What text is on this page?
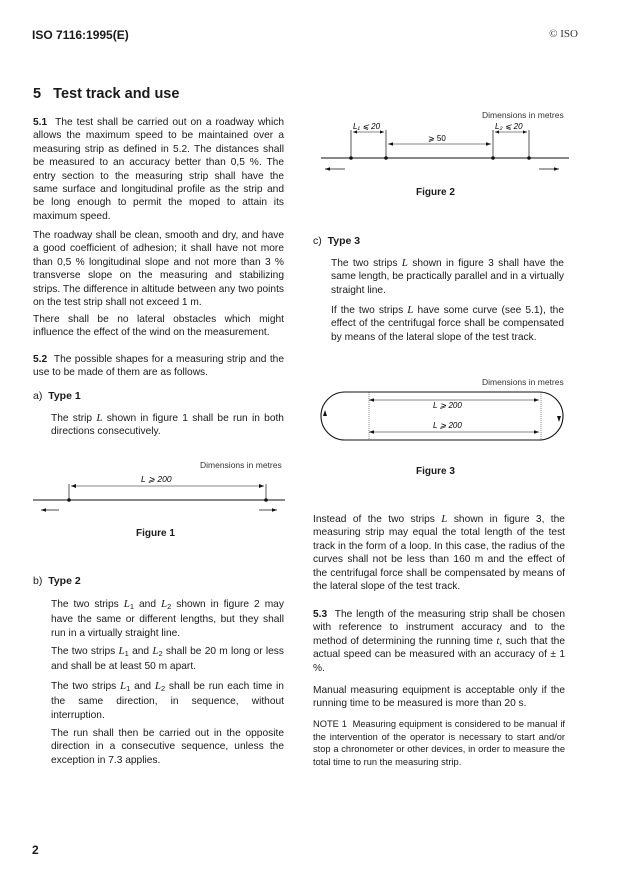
ISO 7116:1995(E)	© ISO
5 Test track and use

5.1 The test shall be carried out on a roadway which allows the maximum speed to be maintained over a measuring strip as defined in 5.2. The distances shall be measured to an accuracy better than 0,5 %. The entry section to the measuring strip shall have the same surface and longitudinal profile as the strip and be long enough to permit the moped to attain its maximum speed.

The roadway shall be clean, smooth and dry, and have a good coefficient of adhesion; it shall have not more than 0,5 % longitudinal slope and not more than 3 % transverse slope on the measuring and stabilizing strips. The difference in altitude between any two points on the test strip shall not exceed 1 m.

There shall be no lateral obstacles which might influence the effect of the wind on the measurement.

5.2 The possible shapes for a measuring strip and the use to be made of them are as follows.

a) Type 1

The strip L shown in figure 1 shall be run in both directions consecutively.

Dimensions in metres
L ⩾ 200
Figure 1
b) Type 2

The two strips $L_1$ and $L_2$ shown in figure 2 may have the same or different lengths, but they shall run in a virtually straight line.

The two strips $L_1$ and $L_2$ shall be 20 m long or less and shall be at least 50 m apart.

The two strips $L_1$ and $L_2$ shall be run each time in the same direction, in sequence, without interruption.

The run shall then be carried out in the opposite direction in a consecutive sequence, unless the exception in 7.3 applies.

Dimensions in metres
L₁ ⩽ 20
⩾ 50
L₂ ⩽ 20
Figure 2
c) Type 3

The two strips L shown in figure 3 shall have the same length, be practically parallel and in a virtually straight line.

If the two strips L have some curve (see 5.1), the effect of the centrifugal force shall be compensated by means of the lateral slope of the test track.

Dimensions in metres
L ⩾ 200
L ⩾ 200
Figure 3

Instead of the two strips L shown in figure 3, the measuring strip may equal the total length of the test track in the form of a loop. In this case, the radius of the curves shall not be less than 160 m and the effect of the centrifugal force shall be compensated by means of the lateral slope of the test track.

5.3 The length of the measuring strip shall be chosen with reference to instrument accuracy and to the method of determining the running time t, such that the actual speed can be measured with an accuracy of ± 1 %.

Manual measuring equipment is acceptable only if the running time to be measured is more than 20 s.

NOTE 1 Measuring equipment is considered to be manual if the intervention of the operator is necessary to start and/or stop a chronometer or other devices, in order to measure the total time to run the measuring strip.

2
